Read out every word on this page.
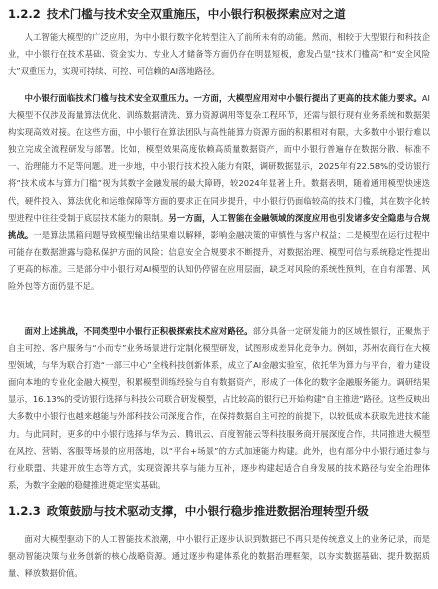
1.2.2 技术门槛与技术安全双重施压，中小银行积极探索应对之道

人工智能大模型的广泛应用，为中小银行数字化转型注入了前所未有的动能。然而，相较于大型银行和科技企业，中小银行在技术基础、资金实力、专业人才储备等方面仍存在明显短板，愈发凸显“技术门槛高”和“安全风险大”双重压力，实现可持续、可控、可信赖的AI落地路径。

中小银行面临技术门槛与技术安全双重压力。一方面，大模型应用对中小银行提出了更高的技术能力要求。AI大模型不仅涉及海量算法优化、训练数据清洗、算力资源调用等复杂工程环节，还需与银行现有业务系统和数据架构实现高效对接。在这些方面，中小银行在算法团队与高性能算力资源方面的积累相对有限，大多数中小银行难以独立完成全流程研发与部署。比如，模型效果高度依赖高质量数据资产，而中小银行普遍存在数据分散、标准不一、治理能力不足等问题。进一步地，中小银行技术投入能力有限，调研数据显示，2025年有22.58%的受访银行将“技术成本与算力门槛”视为其数字金融发展的最大障碍，较2024年显著上升。数据表明，随着通用模型快速迭代，硬件投入、算法优化和运维保障等方面的要求正在同步提升，中小银行仍面临较高的技术门槛，其在数字化转型进程中往往受制于底层技术能力的限制。另一方面，人工智能在金融领域的深度应用也引发诸多安全隐患与合规挑战。一是算法黑箱问题导致模型输出结果难以解释，影响金融决策的审慎性与客户权益；二是模型在运行过程中可能存在数据泄露与隐私保护方面的风险；信息安全合规要求不断提升，对数据治理、模型可信与系统稳定性提出了更高的标准。三是部分中小银行对AI模型的认知仍停留在应用层面，缺乏对风险的系统性预判，在自有部署、风险外包等方面仍显不足。

面对上述挑战，不同类型中小银行正积极探索技术应对路径。部分具备一定研发能力的区域性银行，正聚焦于自主可控、客户服务与“小而专”业务场景进行定制化模型研发，试图形成差异化竞争力。例如，苏州农商行在大模型领域，与华为联合打造“一部三中心”全栈科技创新体系，成立了AI金融实验室，依托华为算力与平台，着力建设面向本地的专业化金融大模型，积累模型训练经验与自有数据资产，形成了一体化的数字金融服务能力。调研结果显示，16.13%的受访银行选择与科技公司联合研发模型，占比较高的银行已开始构建“自主推进”路径。这些反映出大多数中小银行也越来越能与外部科技公司深度合作，在保持数据自主可控的前提下，以较低成本获取先进技术能力。与此同时，更多的中小银行选择与华为云、腾讯云、百度智能云等科技服务商开展深度合作，共同推进大模型在风控、营销、客服等场景的应用落地，以“平台+场景”的方式加速能力构建。此外，也有部分中小银行通过参与行业联盟、共建开放生态等方式，实现资源共享与能力互补，逐步构建起适合自身发展的技术路径与安全治理体系，为数字金融的稳健推进奠定坚实基础。

1.2.3 政策鼓励与技术驱动支撑，中小银行稳步推进数据治理转型升级

面对大模型驱动下的人工智能技术浪潮，中小银行正逐步认识到数据已不再只是传统意义上的业务记录，而是驱动智能决策与业务创新的核心战略资源。通过逐步构建体系化的数据治理框架，以夯实数据基础、提升数据质量、释放数据价值。
